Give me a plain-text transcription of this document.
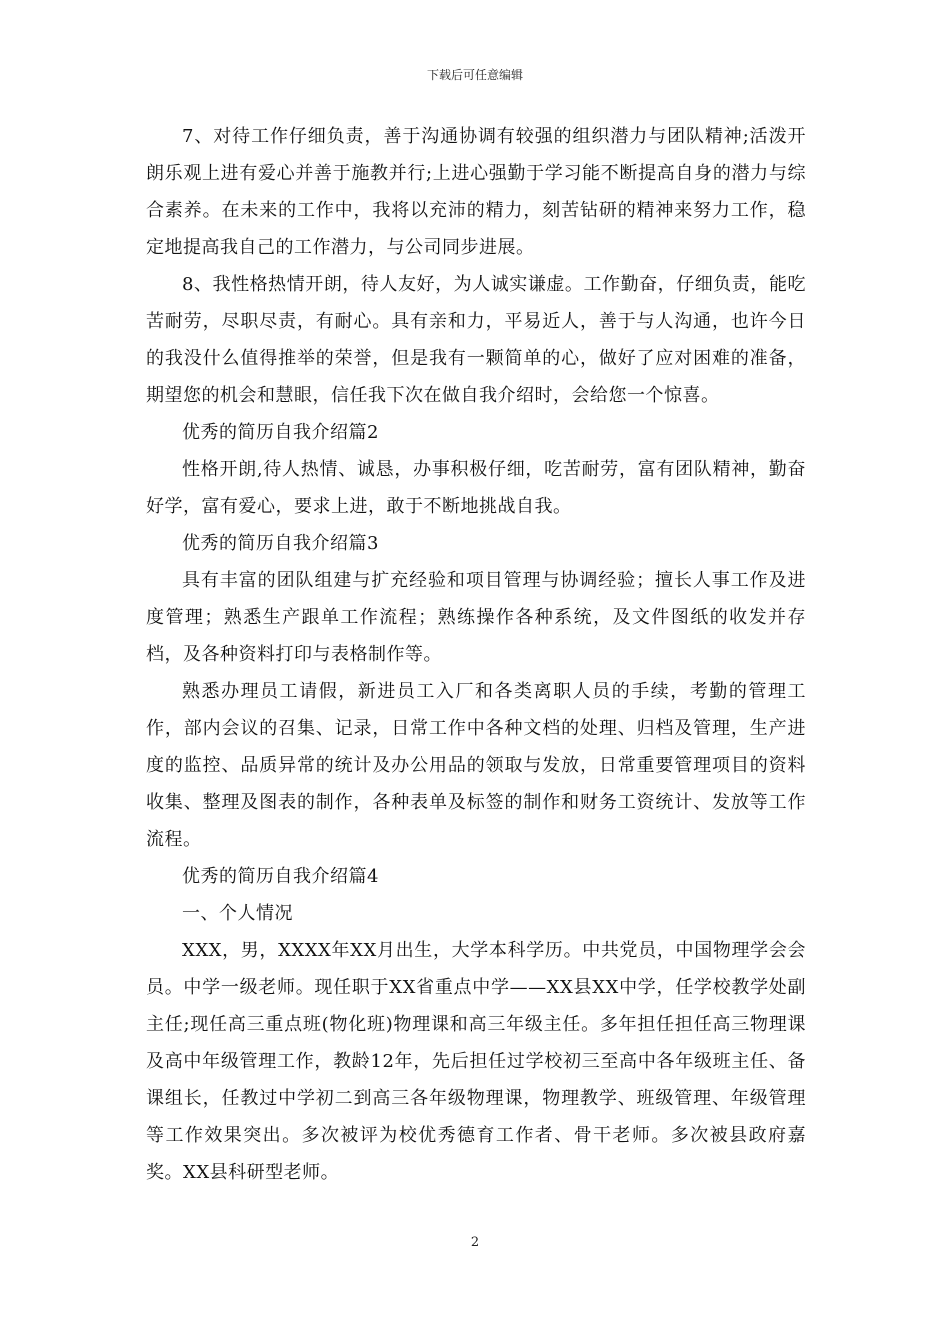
下载后可任意编辑

7、对待工作仔细负责，善于沟通协调有较强的组织潜力与团队精神;活泼开朗乐观上进有爱心并善于施教并行;上进心强勤于学习能不断提高自身的潜力与综合素养。在未来的工作中，我将以充沛的精力，刻苦钻研的精神来努力工作，稳定地提高我自己的工作潜力，与公司同步进展。

8、我性格热情开朗，待人友好，为人诚实谦虚。工作勤奋，仔细负责，能吃苦耐劳，尽职尽责，有耐心。具有亲和力，平易近人，善于与人沟通，也许今日的我没什么值得推举的荣誉，但是我有一颗简单的心，做好了应对困难的准备，期望您的机会和慧眼，信任我下次在做自我介绍时，会给您一个惊喜。

优秀的简历自我介绍篇2

性格开朗,待人热情、诚恳，办事积极仔细，吃苦耐劳，富有团队精神，勤奋好学，富有爱心，要求上进，敢于不断地挑战自我。

优秀的简历自我介绍篇3

具有丰富的团队组建与扩充经验和项目管理与协调经验；擅长人事工作及进度管理；熟悉生产跟单工作流程；熟练操作各种系统，及文件图纸的收发并存档，及各种资料打印与表格制作等。

熟悉办理员工请假，新进员工入厂和各类离职人员的手续，考勤的管理工作，部内会议的召集、记录，日常工作中各种文档的处理、归档及管理，生产进度的监控、品质异常的统计及办公用品的领取与发放，日常重要管理项目的资料收集、整理及图表的制作，各种表单及标签的制作和财务工资统计、发放等工作流程。

优秀的简历自我介绍篇4

一、个人情况

XXX，男，XXXX年XX月出生，大学本科学历。中共党员，中国物理学会会员。中学一级老师。现任职于XX省重点中学——XX县XX中学，任学校教学处副主任;现任高三重点班(物化班)物理课和高三年级主任。多年担任担任高三物理课及高中年级管理工作，教龄12年，先后担任过学校初三至高中各年级班主任、备课组长，任教过中学初二到高三各年级物理课，物理教学、班级管理、年级管理等工作效果突出。多次被评为校优秀德育工作者、骨干老师。多次被县政府嘉奖。XX县科研型老师。

2
